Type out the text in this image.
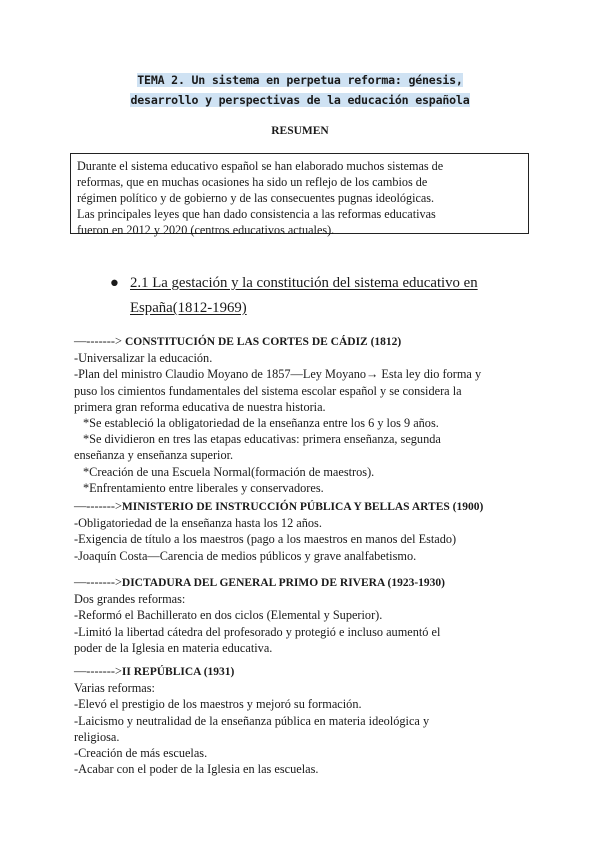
TEMA 2. Un sistema en perpetua reforma: génesis,
desarrollo y perspectivas de la educación española
RESUMEN
Durante el sistema educativo español se han elaborado muchos sistemas de
reformas, que en muchas ocasiones ha sido un reflejo de los cambios de
régimen político y de gobierno y de las consecuentes pugnas ideológicas.
Las principales leyes que han dado consistencia a las reformas educativas
fueron en 2012 y 2020 (centros educativos actuales).
● 2.1 La gestación y la constitución del sistema educativo en
España(1812-1969)
—-------> CONSTITUCIÓN DE LAS CORTES DE CÁDIZ (1812)
-Universalizar la educación.
-Plan del ministro Claudio Moyano de 1857—Ley Moyano→ Esta ley dio forma y
puso los cimientos fundamentales del sistema escolar español y se considera la
primera gran reforma educativa de nuestra historia.
*Se estableció la obligatoriedad de la enseñanza entre los 6 y los 9 años.
*Se dividieron en tres las etapas educativas: primera enseñanza, segunda
enseñanza y enseñanza superior.
*Creación de una Escuela Normal(formación de maestros).
*Enfrentamiento entre liberales y conservadores.
—------->MINISTERIO DE INSTRUCCIÓN PÚBLICA Y BELLAS ARTES (1900)
-Obligatoriedad de la enseñanza hasta los 12 años.
-Exigencia de título a los maestros (pago a los maestros en manos del Estado)
-Joaquín Costa—Carencia de medios públicos y grave analfabetismo.
—------->DICTADURA DEL GENERAL PRIMO DE RIVERA (1923-1930)
Dos grandes reformas:
-Reformó el Bachillerato en dos ciclos (Elemental y Superior).
-Limitó la libertad cátedra del profesorado y protegió e incluso aumentó el
poder de la Iglesia en materia educativa.
—------->II REPÚBLICA (1931)
Varias reformas:
-Elevó el prestigio de los maestros y mejoró su formación.
-Laicismo y neutralidad de la enseñanza pública en materia ideológica y
religiosa.
-Creación de más escuelas.
-Acabar con el poder de la Iglesia en las escuelas.
